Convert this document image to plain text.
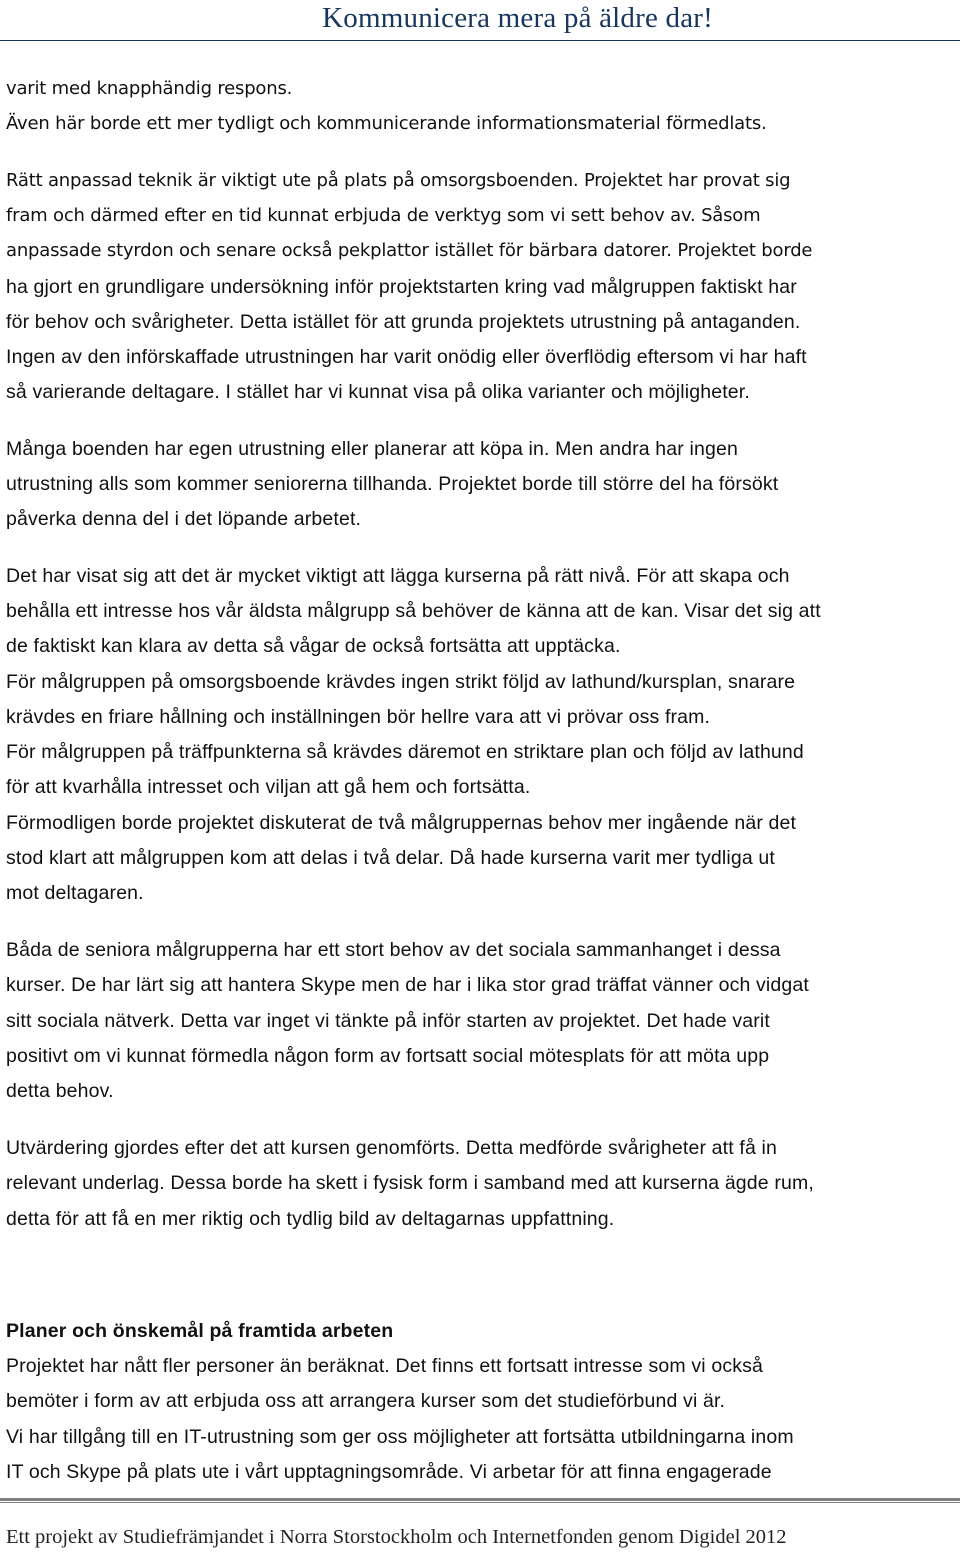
Kommunicera mera på äldre dar!
varit med knapphändig respons.
Även här borde ett mer tydligt och kommunicerande informationsmaterial förmedlats.
Rätt anpassad teknik är viktigt ute på plats på omsorgsboenden. Projektet har provat sig
fram och därmed efter en tid kunnat erbjuda de verktyg som vi sett behov av. Såsom
anpassade styrdon och senare också pekplattor istället för bärbara datorer. Projektet borde
ha gjort en grundligare undersökning inför projektstarten kring vad målgruppen faktiskt har
för behov och svårigheter. Detta istället för att grunda projektets utrustning på antaganden.
Ingen av den införskaffade utrustningen har varit onödig eller överflödig eftersom vi har haft
så varierande deltagare. I stället har vi kunnat visa på olika varianter och möjligheter.
Många boenden har egen utrustning eller planerar att köpa in. Men andra har ingen
utrustning alls som kommer seniorerna tillhanda. Projektet borde till större del ha försökt
påverka denna del i det löpande arbetet.
Det har visat sig att det är mycket viktigt att lägga kurserna på rätt nivå. För att skapa och
behålla ett intresse hos vår äldsta målgrupp så behöver de känna att de kan. Visar det sig att
de faktiskt kan klara av detta så vågar de också fortsätta att upptäcka.
För målgruppen på omsorgsboende krävdes ingen strikt följd av lathund/kursplan, snarare
krävdes en friare hållning och inställningen bör hellre vara att vi prövar oss fram.
För målgruppen på träffpunkterna så krävdes däremot en striktare plan och följd av lathund
för att kvarhålla intresset och viljan att gå hem och fortsätta.
Förmodligen borde projektet diskuterat de två målgruppernas behov mer ingående när det
stod klart att målgruppen kom att delas i två delar. Då hade kurserna varit mer tydliga ut
mot deltagaren.
Båda de seniora målgrupperna har ett stort behov av det sociala sammanhanget i dessa
kurser. De har lärt sig att hantera Skype men de har i lika stor grad träffat vänner och vidgat
sitt sociala nätverk. Detta var inget vi tänkte på inför starten av projektet. Det hade varit
positivt om vi kunnat förmedla någon form av fortsatt social mötesplats för att möta upp
detta behov.
Utvärdering gjordes efter det att kursen genomförts. Detta medförde svårigheter att få in
relevant underlag. Dessa borde ha skett i fysisk form i samband med att kurserna ägde rum,
detta för att få en mer riktig och tydlig bild av deltagarnas uppfattning.
Planer och önskemål på framtida arbeten
Projektet har nått fler personer än beräknat. Det finns ett fortsatt intresse som vi också
bemöter i form av att erbjuda oss att arrangera kurser som det studieförbund vi är.
Vi har tillgång till en IT-utrustning som ger oss möjligheter att fortsätta utbildningarna inom
IT och Skype på plats ute i vårt upptagningsområde. Vi arbetar för att finna engagerade
Ett projekt av Studiefrämjandet i Norra Storstockholm och Internetfonden genom Digidel 2012
